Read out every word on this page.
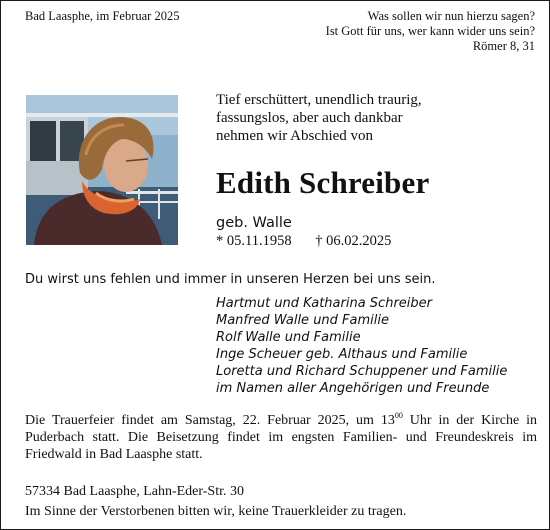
Bad Laasphe, im Februar 2025	Was sollen wir nun hierzu sagen?
Ist Gott für uns, wer kann wider uns sein?
Römer 8, 31
Tief erschüttert, unendlich traurig,
fassungslos, aber auch dankbar
nehmen wir Abschied von
Edith Schreiber
geb. Walle
* 05.11.1958 † 06.02.2025
Du wirst uns fehlen und immer in unseren Herzen bei uns sein.
Hartmut und Katharina Schreiber
Manfred Walle und Familie
Rolf Walle und Familie
Inge Scheuer geb. Althaus und Familie
Loretta und Richard Schuppener und Familie
im Namen aller Angehörigen und Freunde
Die Trauerfeier findet am Samstag, 22. Februar 2025, um $13^{00}$ Uhr in der Kirche in Puderbach statt. Die Beisetzung findet im engsten Familien- und Freundeskreis im Friedwald in Bad Laasphe statt.
57334 Bad Laasphe, Lahn-Eder-Str. 30
Im Sinne der Verstorbenen bitten wir, keine Trauerkleider zu tragen.
